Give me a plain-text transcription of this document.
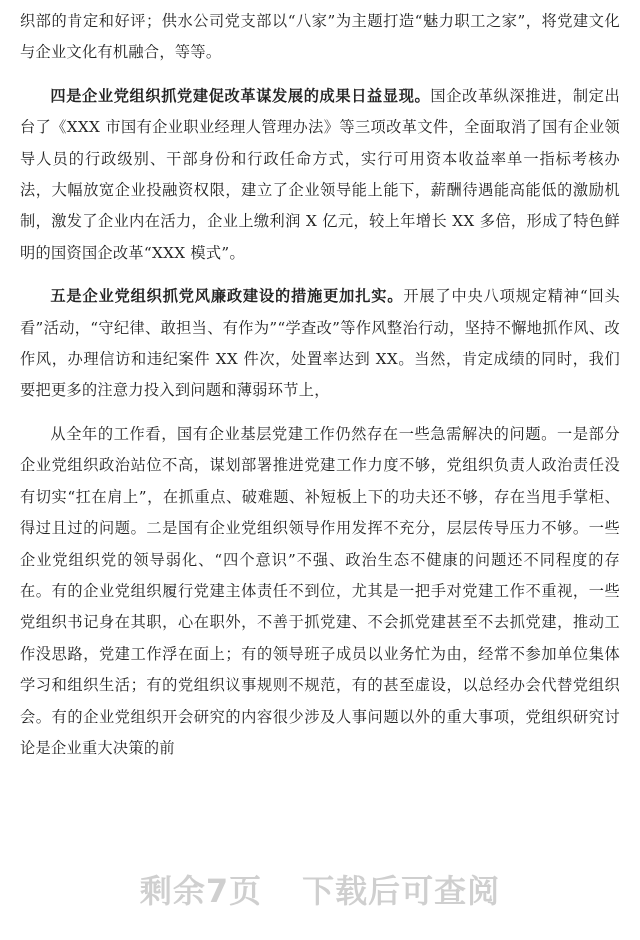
织部的肯定和好评；供水公司党支部以“八家”为主题打造“魅力职工之家”，将党建文化与企业文化有机融合，等等。

四是企业党组织抓党建促改革谋发展的成果日益显现。国企改革纵深推进，制定出台了《XXX 市国有企业职业经理人管理办法》等三项改革文件，全面取消了国有企业领导人员的行政级别、干部身份和行政任命方式，实行可用资本收益率单一指标考核办法，大幅放宽企业投融资权限，建立了企业领导能上能下，薪酬待遇能高能低的激励机制，激发了企业内在活力，企业上缴利润 X 亿元，较上年增长 XX 多倍，形成了特色鲜明的国资国企改革“XXX 模式”。

五是企业党组织抓党风廉政建设的措施更加扎实。开展了中央八项规定精神“回头看”活动，“守纪律、敢担当、有作为”“学查改”等作风整治行动，坚持不懈地抓作风、改作风，办理信访和违纪案件 XX 件次，处置率达到 XX。当然，肯定成绩的同时，我们要把更多的注意力投入到问题和薄弱环节上，

从全年的工作看，国有企业基层党建工作仍然存在一些急需解决的问题。一是部分企业党组织政治站位不高，谋划部署推进党建工作力度不够，党组织负责人政治责任没有切实“扛在肩上”，在抓重点、破难题、补短板上下的功夫还不够，存在当甩手掌柜、得过且过的问题。二是国有企业党组织领导作用发挥不充分，层层传导压力不够。一些企业党组织党的领导弱化、“四个意识”不强、政治生态不健康的问题还不同程度的存在。有的企业党组织履行党建主体责任不到位，尤其是一把手对党建工作不重视，一些党组织书记身在其职，心在职外，不善于抓党建、不会抓党建甚至不去抓党建，推动工作没思路，党建工作浮在面上；有的领导班子成员以业务忙为由，经常不参加单位集体学习和组织生活；有的党组织议事规则不规范，有的甚至虚设，以总经办会代替党组织会。有的企业党组织开会研究的内容很少涉及人事问题以外的重大事项，党组织研究讨论是企业重大决策的前

剩余7页 下载后可查阅
